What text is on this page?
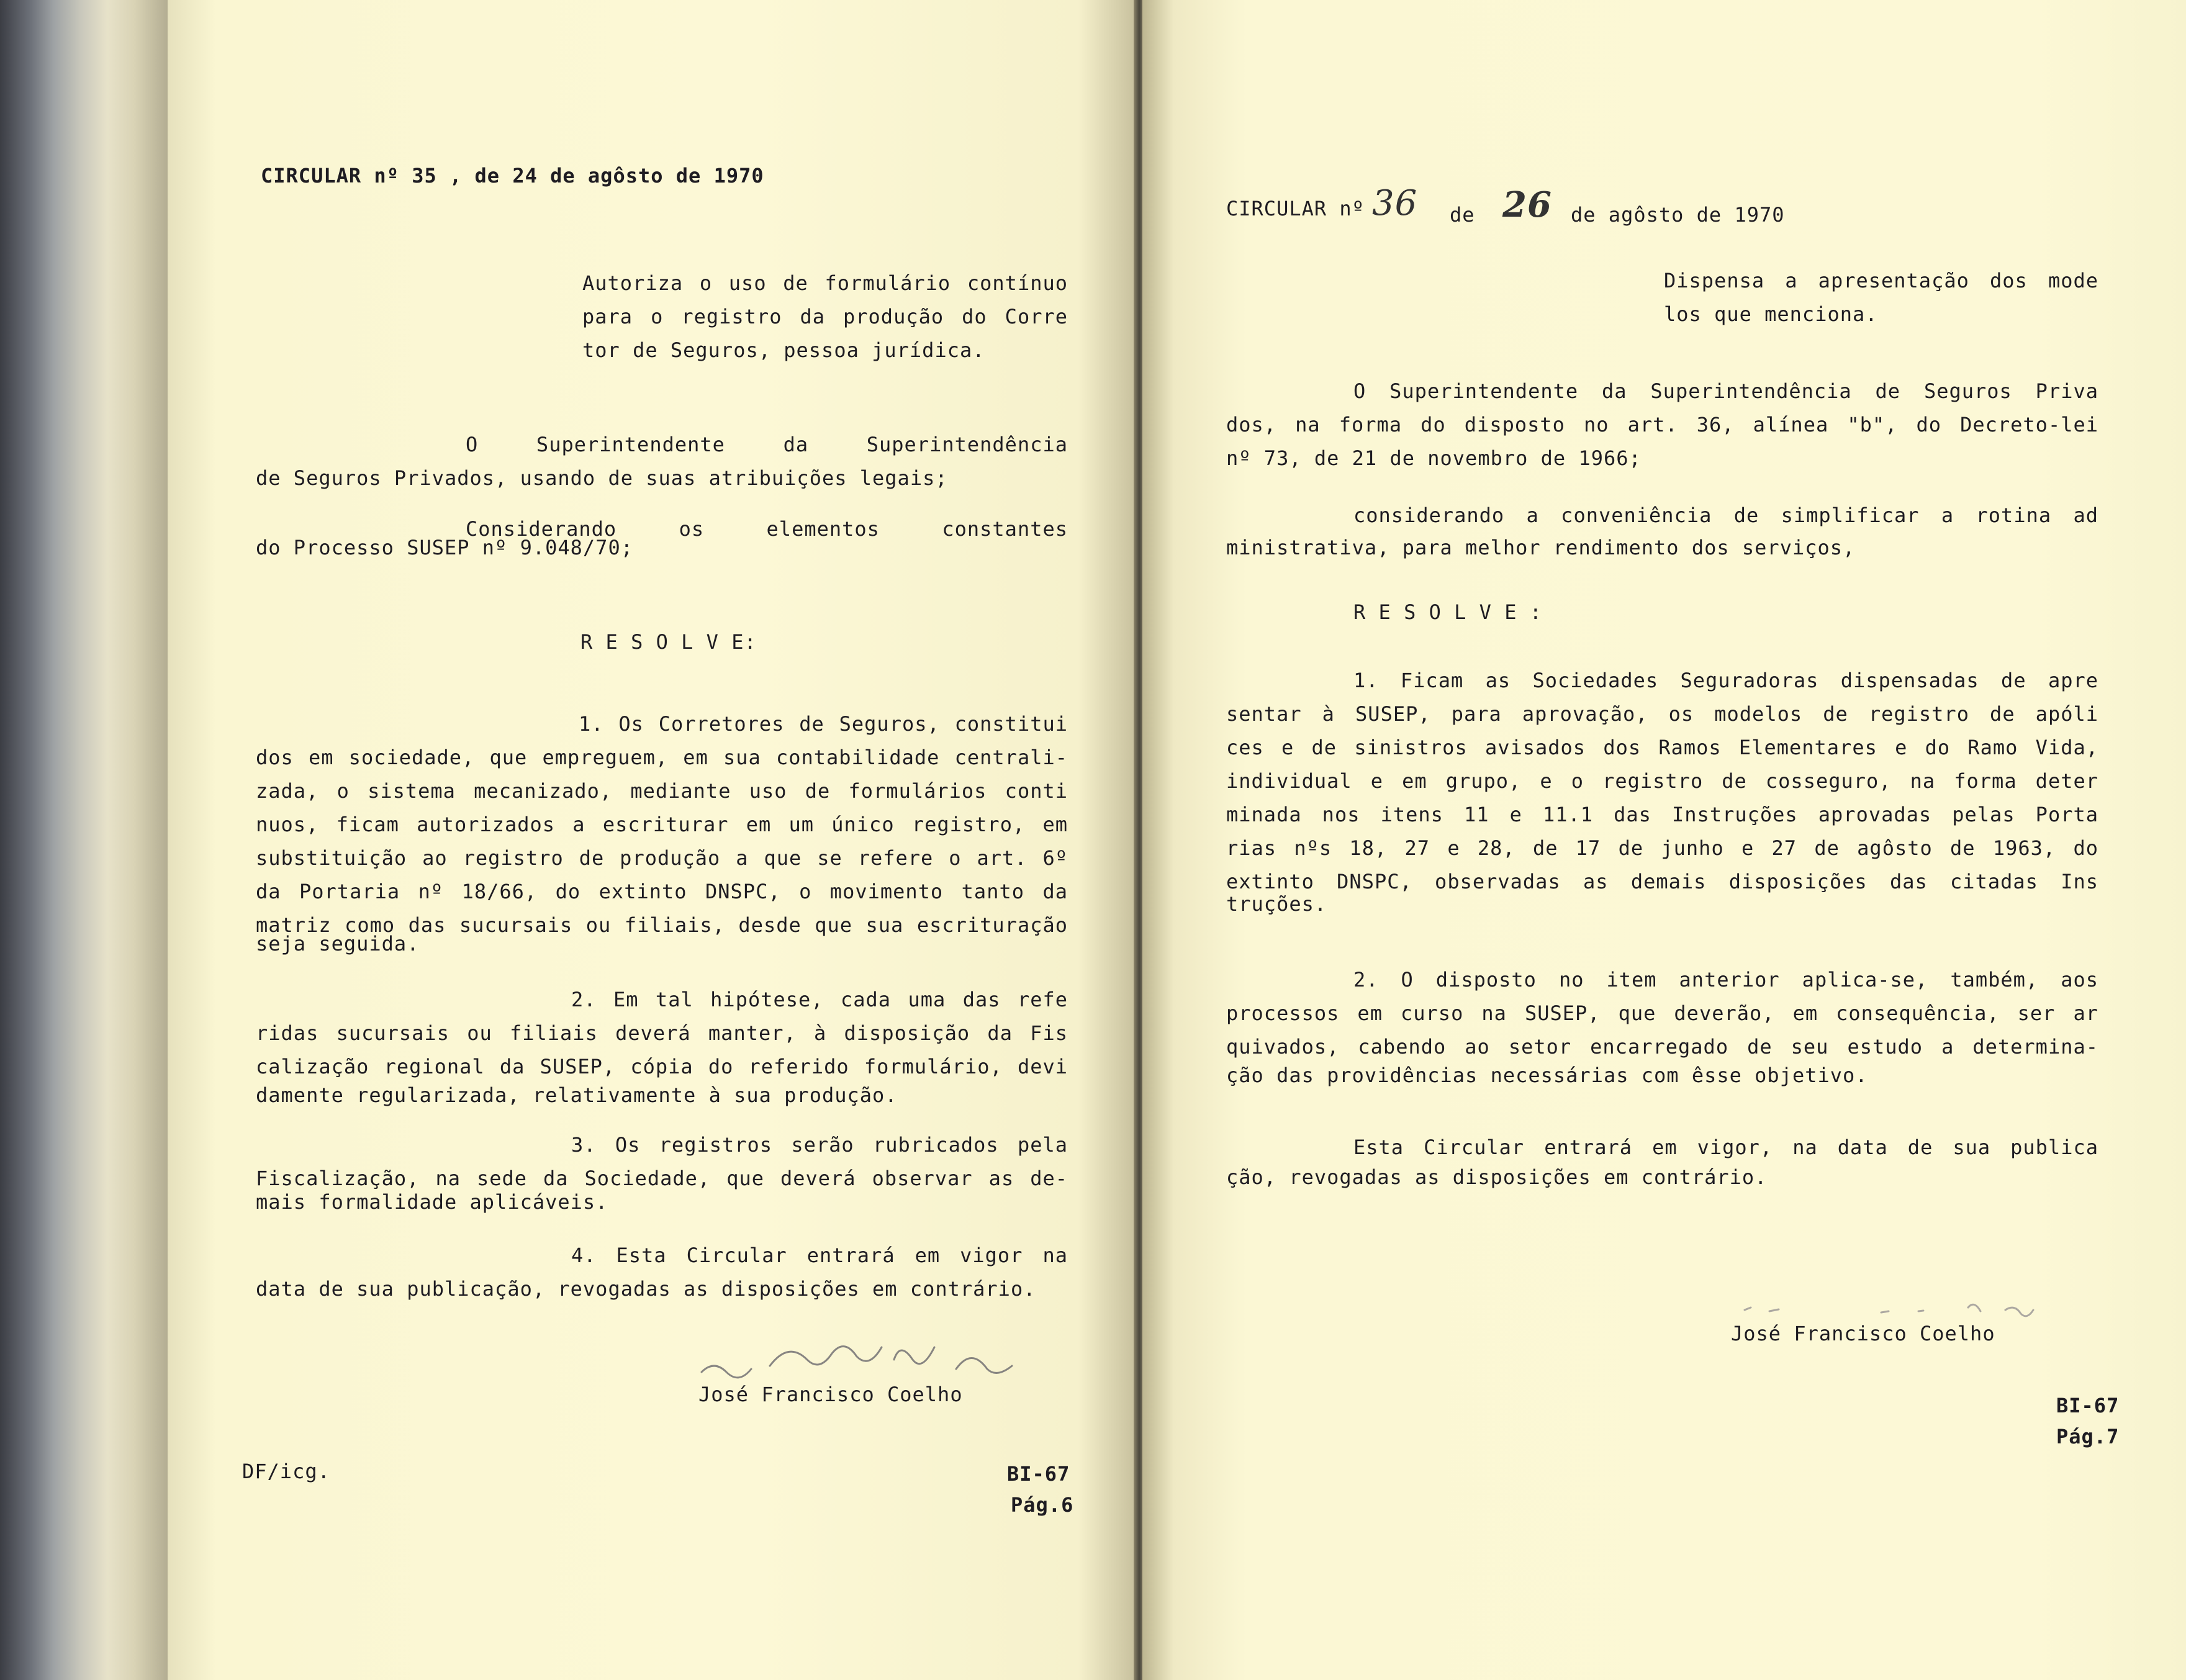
CIRCULAR nº 35 , de 24 de agôsto de 1970
Autoriza o uso de formulário contínuo
para o registro da produção do Corre
tor de Seguros, pessoa jurídica.
O Superintendente da Superintendência
de Seguros Privados, usando de suas atribuições legais;
Considerando os elementos constantes
do Processo SUSEP nº 9.048/70;
R E S O L V E:
1. Os Corretores de Seguros, constitui
dos em sociedade, que empreguem, em sua contabilidade centrali-
zada, o sistema mecanizado, mediante uso de formulários conti
nuos, ficam autorizados a escriturar em um único registro, em
substituição ao registro de produção a que se refere o art. 6º
da Portaria nº 18/66, do extinto DNSPC, o movimento tanto da
matriz como das sucursais ou filiais, desde que sua escrituração
seja seguida.
2. Em tal hipótese, cada uma das refe
ridas sucursais ou filiais deverá manter, à disposição da Fis
calização regional da SUSEP, cópia do referido formulário, devi
damente regularizada, relativamente à sua produção.
3. Os registros serão rubricados pela
Fiscalização, na sede da Sociedade, que deverá observar as de-
mais formalidade aplicáveis.
4. Esta Circular entrará em vigor na
data de sua publicação, revogadas as disposições em contrário.
José Francisco Coelho
DF/icg.	BI-67
Pág.6
CIRCULAR nº 36 de 26 de agôsto de 1970
Dispensa a apresentação dos mode
los que menciona.
O Superintendente da Superintendência de Seguros Priva
dos, na forma do disposto no art. 36, alínea "b", do Decreto-lei
nº 73, de 21 de novembro de 1966;
considerando a conveniência de simplificar a rotina ad
ministrativa, para melhor rendimento dos serviços,
R E S O L V E :
1. Ficam as Sociedades Seguradoras dispensadas de apre
sentar à SUSEP, para aprovação, os modelos de registro de apóli
ces e de sinistros avisados dos Ramos Elementares e do Ramo Vida,
individual e em grupo, e o registro de cosseguro, na forma deter
minada nos itens 11 e 11.1 das Instruções aprovadas pelas Porta
rias nºs 18, 27 e 28, de 17 de junho e 27 de agôsto de 1963, do
extinto DNSPC, observadas as demais disposições das citadas Ins
truções.
2. O disposto no item anterior aplica-se, também, aos
processos em curso na SUSEP, que deverão, em consequência, ser ar
quivados, cabendo ao setor encarregado de seu estudo a determina-
ção das providências necessárias com êsse objetivo.
Esta Circular entrará em vigor, na data de sua publica
ção, revogadas as disposições em contrário.
José Francisco Coelho
BI-67
Pág.7
